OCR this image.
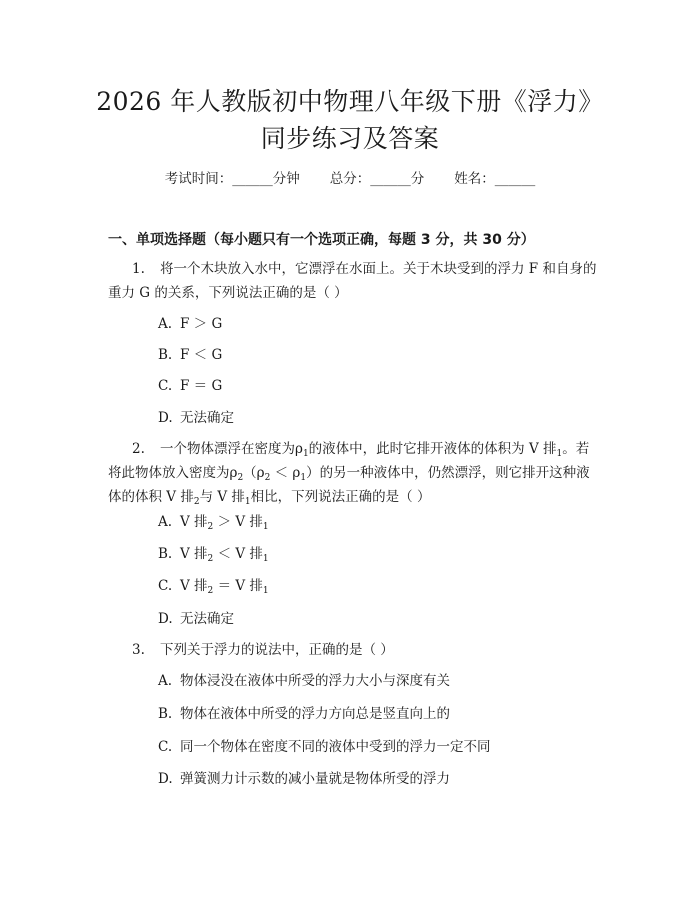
2026 年人教版初中物理八年级下册《浮力》
同步练习及答案
考试时间：______分钟 总分：______分 姓名：______
一、单项选择题（每小题只有一个选项正确，每题 3 分，共 30 分）
1. 将一个木块放入水中，它漂浮在水面上。关于木块受到的浮力 F 和自身的重力 G 的关系，下列说法正确的是（ ）
A. F ＞ G
B. F ＜ G
C. F ＝ G
D. 无法确定
2. 一个物体漂浮在密度为$\rho_1$的液体中，此时它排开液体的体积为 V 排$_1$。若将此物体放入密度为$\rho_2(\rho_2 < \rho_1)$的另一种液体中，仍然漂浮，则它排开这种液体的体积 V 排$_2$与 V 排$_1$相比，下列说法正确的是（ ）
A. V 排$_2$ ＞ V 排$_1$
B. V 排$_2$ ＜ V 排$_1$
C. V 排$_2$ ＝ V 排$_1$
D. 无法确定
3. 下列关于浮力的说法中，正确的是（ ）
A. 物体浸没在液体中所受的浮力大小与深度有关
B. 物体在液体中所受的浮力方向总是竖直向上的
C. 同一个物体在密度不同的液体中受到的浮力一定不同
D. 弹簧测力计示数的减小量就是物体所受的浮力
